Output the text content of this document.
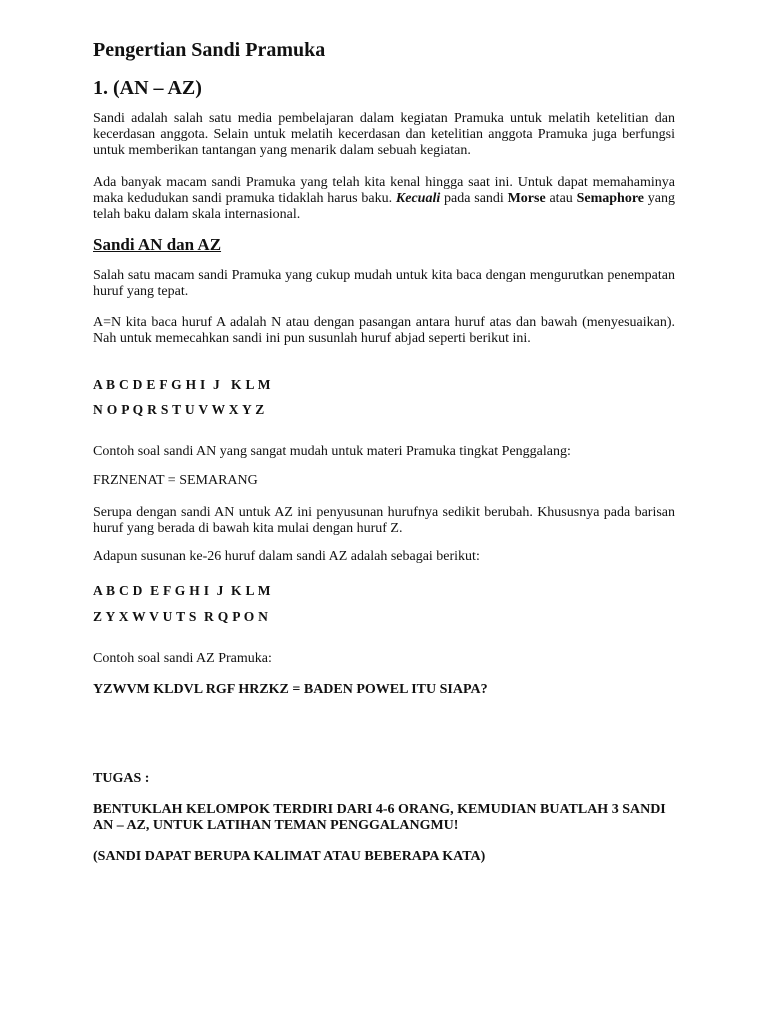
Pengertian Sandi Pramuka
1. (AN – AZ)

Sandi adalah salah satu media pembelajaran dalam kegiatan Pramuka untuk melatih ketelitian dan kecerdasan anggota. Selain untuk melatih kecerdasan dan ketelitian anggota Pramuka juga berfungsi untuk memberikan tantangan yang menarik dalam sebuah kegiatan.

Ada banyak macam sandi Pramuka yang telah kita kenal hingga saat ini. Untuk dapat memahaminya maka kedudukan sandi pramuka tidaklah harus baku. Kecuali pada sandi Morse atau Semaphore yang telah baku dalam skala internasional.

Sandi AN dan AZ

Salah satu macam sandi Pramuka yang cukup mudah untuk kita baca dengan mengurutkan penempatan huruf yang tepat.

A=N kita baca huruf A adalah N atau dengan pasangan antara huruf atas dan bawah (menyesuaikan). Nah untuk memecahkan sandi ini pun susunlah huruf abjad seperti berikut ini.

A B C D E F G H I  J   K L M

N O P Q R S T U V W X Y Z

Contoh soal sandi AN yang sangat mudah untuk materi Pramuka tingkat Penggalang:

FRZNENAT = SEMARANG

Serupa dengan sandi AN untuk AZ ini penyusunan hurufnya sedikit berubah. Khususnya pada barisan huruf yang berada di bawah kita mulai dengan huruf Z.

Adapun susunan ke-26 huruf dalam sandi AZ adalah sebagai berikut:

A B C D  E F G H I  J  K L M

Z Y X W V U T S  R Q P O N

Contoh soal sandi AZ Pramuka:

YZWVM KLDVL RGF HRZKZ = BADEN POWEL ITU SIAPA?

TUGAS :

BENTUKLAH KELOMPOK TERDIRI DARI 4-6 ORANG, KEMUDIAN BUATLAH 3 SANDI AN – AZ, UNTUK LATIHAN TEMAN PENGGALANGMU!

(SANDI DAPAT BERUPA KALIMAT ATAU BEBERAPA KATA)
